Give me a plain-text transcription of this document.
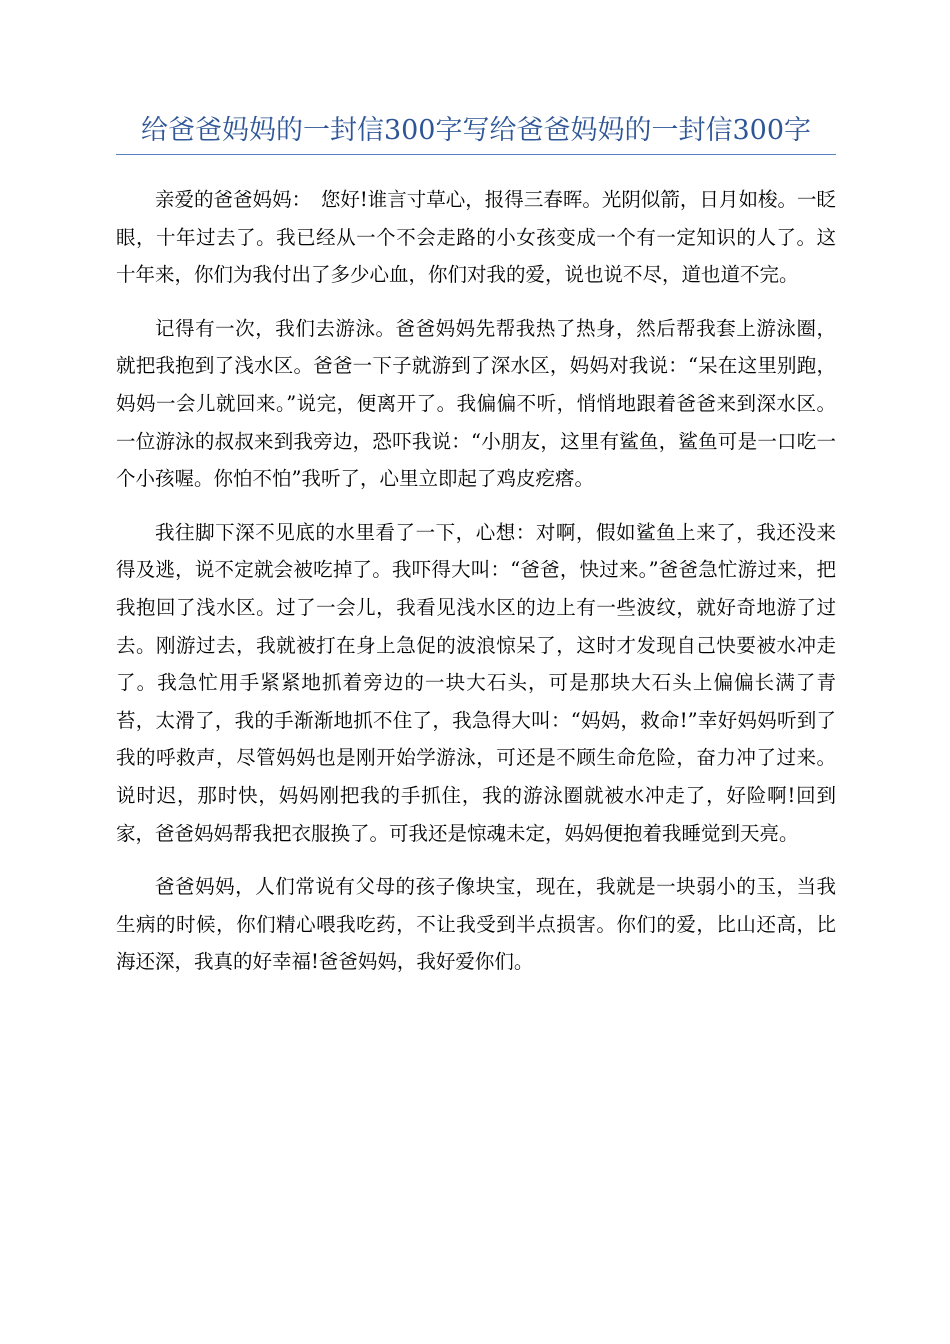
给爸爸妈妈的一封信300字写给爸爸妈妈的一封信300字

亲爱的爸爸妈妈：　您好!谁言寸草心，报得三春晖。光阴似箭，日月如梭。一眨眼，十年过去了。我已经从一个不会走路的小女孩变成一个有一定知识的人了。这十年来，你们为我付出了多少心血，你们对我的爱，说也说不尽，道也道不完。

记得有一次，我们去游泳。爸爸妈妈先帮我热了热身，然后帮我套上游泳圈，就把我抱到了浅水区。爸爸一下子就游到了深水区，妈妈对我说：“呆在这里别跑，妈妈一会儿就回来。”说完，便离开了。我偏偏不听，悄悄地跟着爸爸来到深水区。一位游泳的叔叔来到我旁边，恐吓我说：“小朋友，这里有鲨鱼，鲨鱼可是一口吃一个小孩喔。你怕不怕”我听了，心里立即起了鸡皮疙瘩。

我往脚下深不见底的水里看了一下，心想：对啊，假如鲨鱼上来了，我还没来得及逃，说不定就会被吃掉了。我吓得大叫：“爸爸，快过来。”爸爸急忙游过来，把我抱回了浅水区。过了一会儿，我看见浅水区的边上有一些波纹，就好奇地游了过去。刚游过去，我就被打在身上急促的波浪惊呆了，这时才发现自己快要被水冲走了。我急忙用手紧紧地抓着旁边的一块大石头，可是那块大石头上偏偏长满了青苔，太滑了，我的手渐渐地抓不住了，我急得大叫：“妈妈，救命!”幸好妈妈听到了我的呼救声，尽管妈妈也是刚开始学游泳，可还是不顾生命危险，奋力冲了过来。说时迟，那时快，妈妈刚把我的手抓住，我的游泳圈就被水冲走了，好险啊!回到家，爸爸妈妈帮我把衣服换了。可我还是惊魂未定，妈妈便抱着我睡觉到天亮。

爸爸妈妈，人们常说有父母的孩子像块宝，现在，我就是一块弱小的玉，当我生病的时候，你们精心喂我吃药，不让我受到半点损害。你们的爱，比山还高，比海还深，我真的好幸福!爸爸妈妈，我好爱你们。
